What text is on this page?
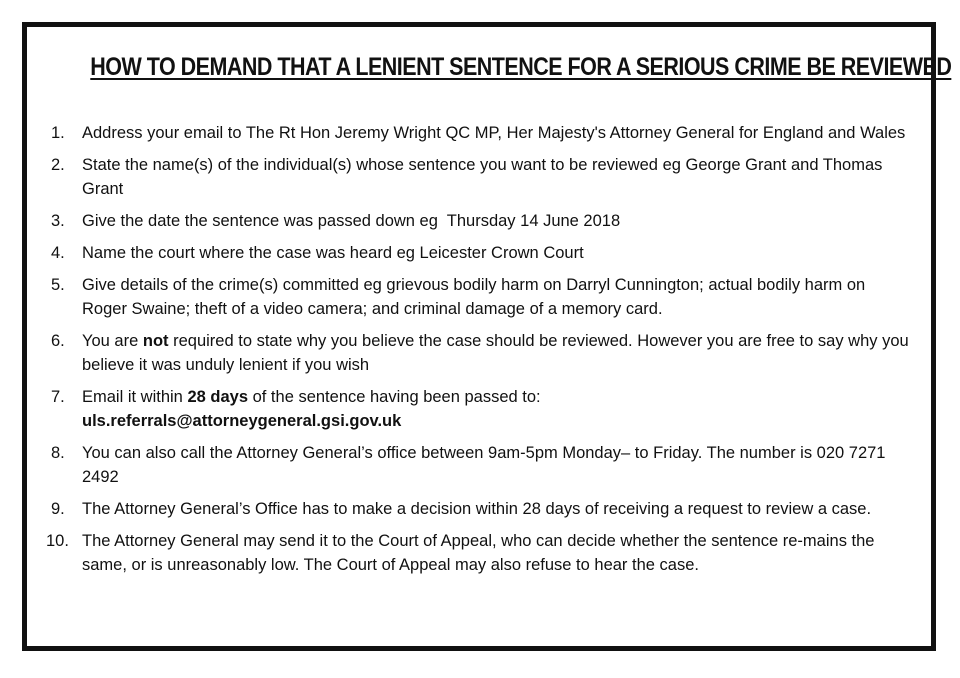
HOW TO DEMAND THAT A LENIENT SENTENCE FOR A SERIOUS CRIME BE REVIEWED
1.	Address your email to The Rt Hon Jeremy Wright QC MP, Her Majesty's Attorney General for England and Wales
2.	State the name(s) of the individual(s) whose sentence you want to be reviewed eg George Grant and Thomas Grant
3.	Give the date the sentence was passed down eg  Thursday 14 June 2018
4.	Name the court where the case was heard eg Leicester Crown Court
5.	Give details of the crime(s) committed eg grievous bodily harm on Darryl Cunnington; actual bodily harm on Roger Swaine; theft of a video camera; and criminal damage of a memory card.
6.	You are not required to state why you believe the case should be reviewed. However you are free to say why you believe it was unduly lenient if you wish
7.	Email it within 28 days of the sentence having been passed to:
uls.referrals@attorneygeneral.gsi.gov.uk
8.	You can also call the Attorney General’s office between 9am-5pm Monday– to Friday. The number is 020 7271 2492
9.	The Attorney General’s Office has to make a decision within 28 days of receiving a request to review a case.
10. The Attorney General may send it to the Court of Appeal, who can decide whether the sentence re-mains the same, or is unreasonably low. The Court of Appeal may also refuse to hear the case.
